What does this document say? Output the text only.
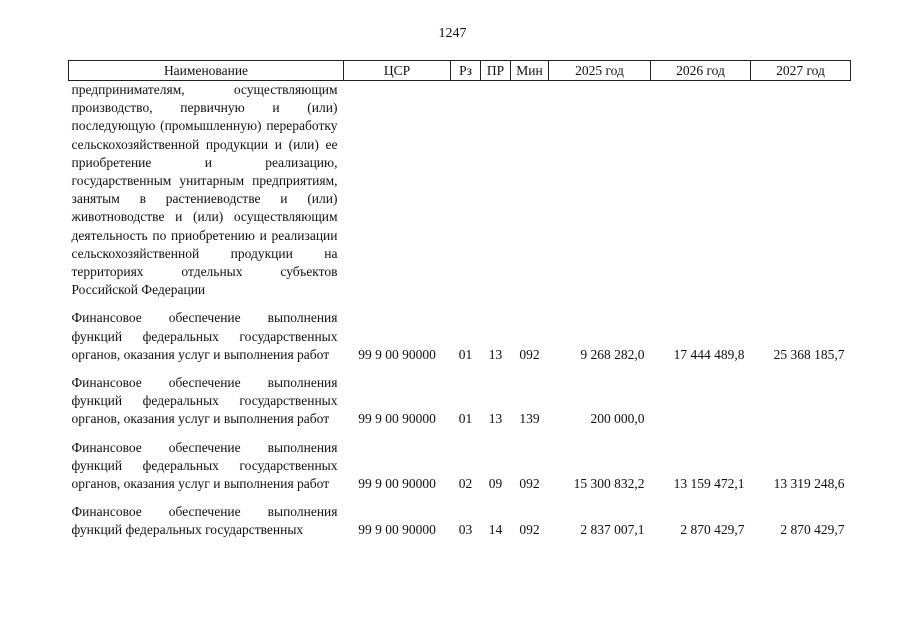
1247
Наименование	ЦСР	Рз	ПР	Мин	2025 год	2026 год	2027 год
предпринимателям, осуществляющим производство, первичную и (или) последующую (промышленную) переработку сельскохозяйственной продукции и (или) ее приобретение и реализацию, государственным унитарным предприятиям, занятым в растениеводстве и (или) животноводстве и (или) осуществляющим деятельность по приобретению и реализации сельскохозяйственной продукции на территориях отдельных субъектов Российской Федерации							

Финансовое обеспечение выполнения функций федеральных государственных органов, оказания услуг и выполнения работ	99 9 00 90000	01	13	092	9 268 282,0	17 444 489,8	25 368 185,7

Финансовое обеспечение выполнения функций федеральных государственных органов, оказания услуг и выполнения работ	99 9 00 90000	01	13	139	200 000,0		

Финансовое обеспечение выполнения функций федеральных государственных органов, оказания услуг и выполнения работ	99 9 00 90000	02	09	092	15 300 832,2	13 159 472,1	13 319 248,6

Финансовое обеспечение выполнения функций федеральных государственных	99 9 00 90000	03	14	092	2 837 007,1	2 870 429,7	2 870 429,7
